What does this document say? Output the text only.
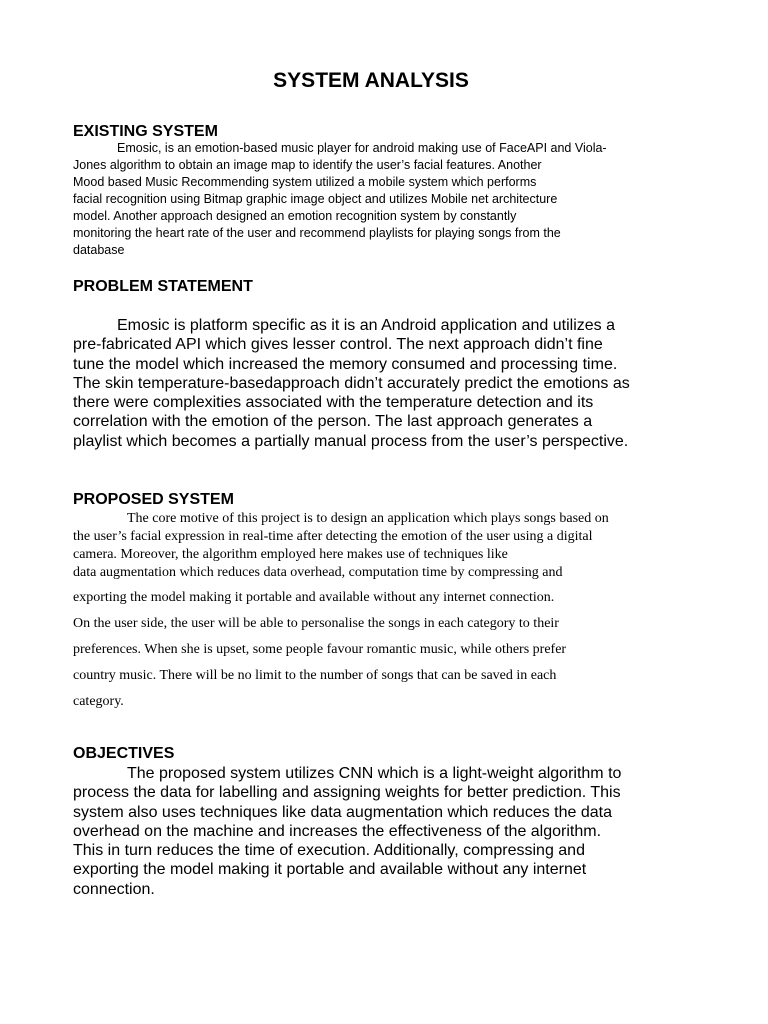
SYSTEM ANALYSIS
EXISTING SYSTEM
Emosic, is an emotion-based music player for android making use of FaceAPI and Viola-
Jones algorithm to obtain an image map to identify the user’s facial features. Another
Mood based Music Recommending system utilized a mobile system which performs
facial recognition using Bitmap graphic image object and utilizes Mobile net architecture
model. Another approach designed an emotion recognition system by constantly
monitoring the heart rate of the user and recommend playlists for playing songs from the
database
PROBLEM STATEMENT
Emosic is platform specific as it is an Android application and utilizes a
pre-fabricated API which gives lesser control. The next approach didn’t fine
tune the model which increased the memory consumed and processing time.
The skin temperature-basedapproach didn’t accurately predict the emotions as
there were complexities associated with the temperature detection and its
correlation with the emotion of the person. The last approach generates a
playlist which becomes a partially manual process from the user’s perspective.
PROPOSED SYSTEM
The core motive of this project is to design an application which plays songs based on
the user’s facial expression in real-time after detecting the emotion of the user using a digital
camera. Moreover, the algorithm employed here makes use of techniques like
data augmentation which reduces data overhead, computation time by compressing and
exporting the model making it portable and available without any internet connection.
On the user side, the user will be able to personalise the songs in each category to their
preferences. When she is upset, some people favour romantic music, while others prefer
country music. There will be no limit to the number of songs that can be saved in each
category.
OBJECTIVES
The proposed system utilizes CNN which is a light-weight algorithm to
process the data for labelling and assigning weights for better prediction. This
system also uses techniques like data augmentation which reduces the data
overhead on the machine and increases the effectiveness of the algorithm.
This in turn reduces the time of execution. Additionally, compressing and
exporting the model making it portable and available without any internet
connection.
